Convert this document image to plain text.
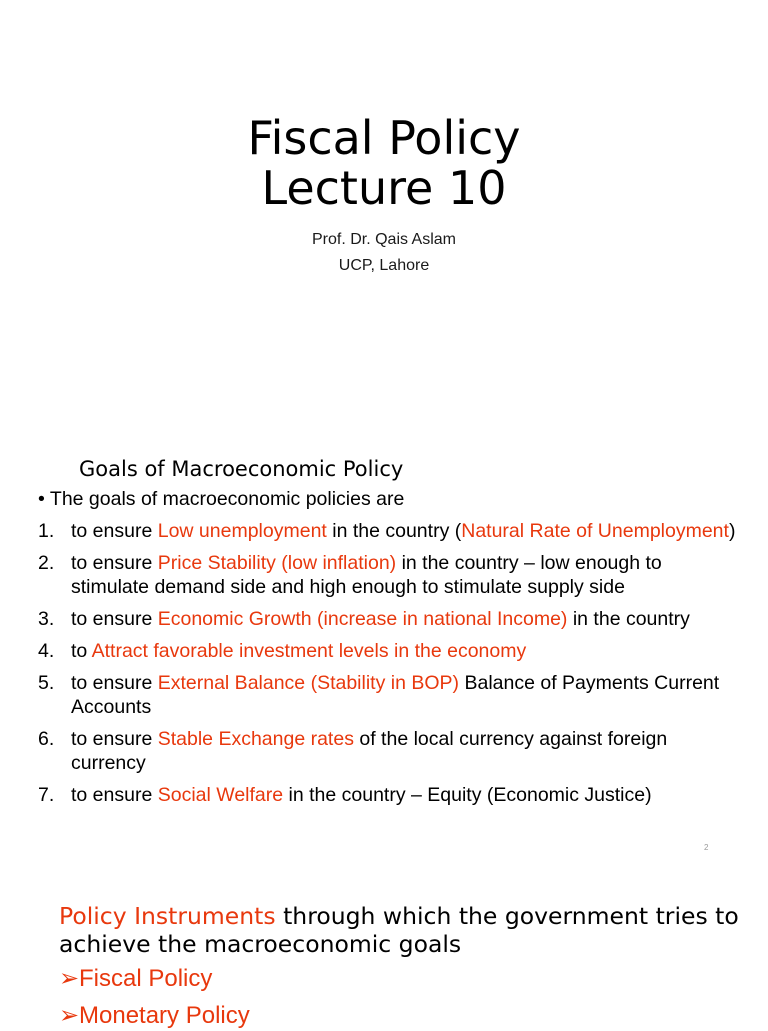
Fiscal Policy
Lecture 10
Prof. Dr. Qais Aslam
UCP, Lahore
Goals of Macroeconomic Policy
• The goals of macroeconomic policies are
1. to ensure Low unemployment in the country (Natural Rate of Unemployment)
2. to ensure Price Stability (low inflation) in the country – low enough to stimulate demand side and high enough to stimulate supply side
3. to ensure Economic Growth (increase in national Income) in the country
4. to Attract favorable investment levels in the economy
5. to ensure External Balance (Stability in BOP) Balance of Payments Current Accounts
6. to ensure Stable Exchange rates of the local currency against foreign currency
7. to ensure Social Welfare in the country – Equity (Economic Justice)
2
Policy Instruments through which the government tries to achieve the macroeconomic goals
➢Fiscal Policy
➢Monetary Policy
